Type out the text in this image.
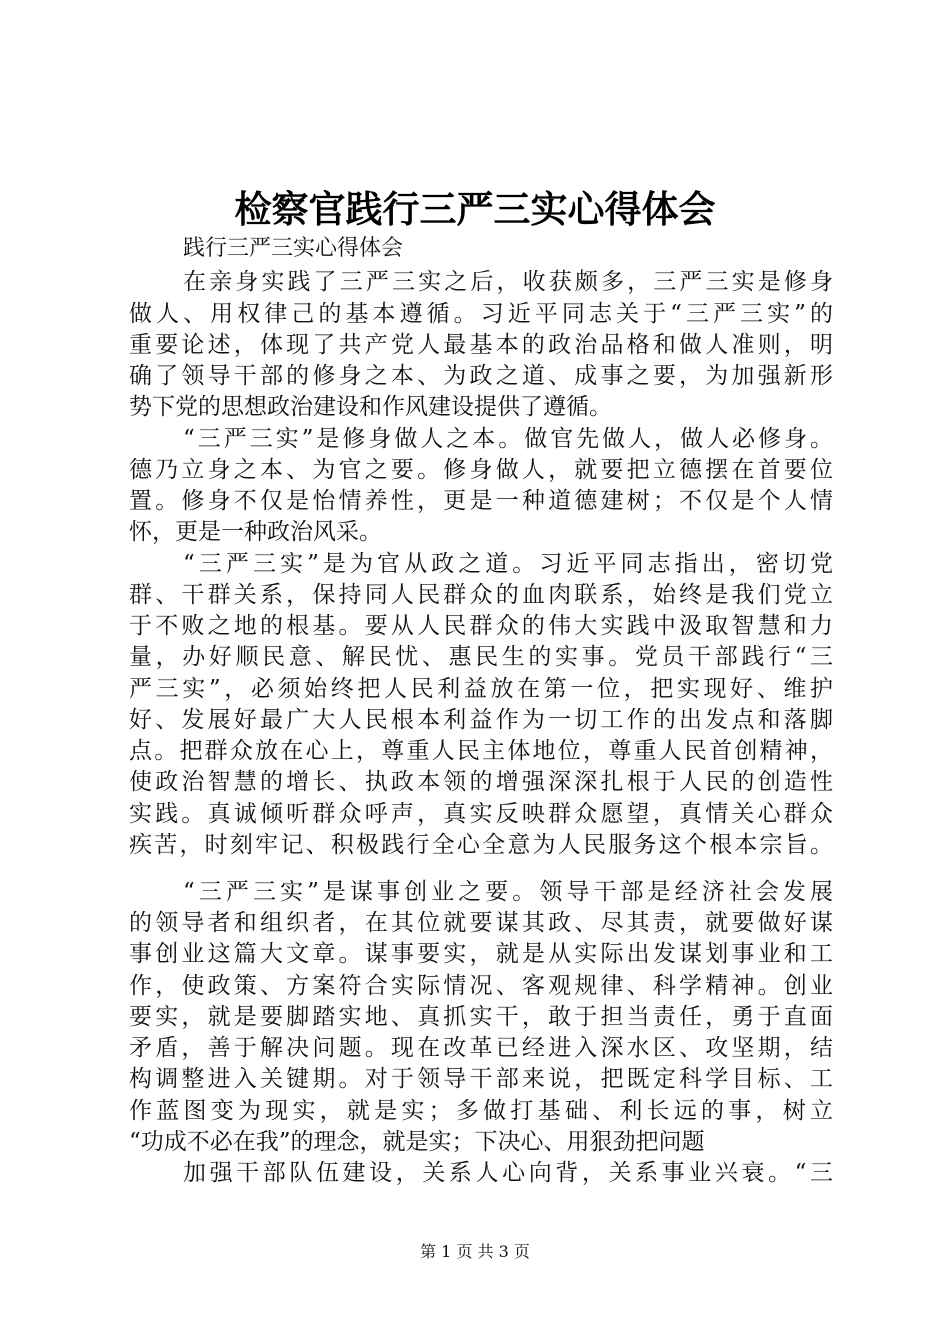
检察官践行三严三实心得体会

践行三严三实心得体会

在亲身实践了三严三实之后，收获颇多，三严三实是修身

做人、用权律己的基本遵循。习近平同志关于“三严三实”的

重要论述，体现了共产党人最基本的政治品格和做人准则，明

确了领导干部的修身之本、为政之道、成事之要，为加强新形

势下党的思想政治建设和作风建设提供了遵循。

“三严三实”是修身做人之本。做官先做人，做人必修身。

德乃立身之本、为官之要。修身做人，就要把立德摆在首要位

置。修身不仅是怡情养性，更是一种道德建树；不仅是个人情

怀，更是一种政治风采。

“三严三实”是为官从政之道。习近平同志指出，密切党

群、干群关系，保持同人民群众的血肉联系，始终是我们党立

于不败之地的根基。要从人民群众的伟大实践中汲取智慧和力

量，办好顺民意、解民忧、惠民生的实事。党员干部践行“三

严三实”，必须始终把人民利益放在第一位，把实现好、维护

好、发展好最广大人民根本利益作为一切工作的出发点和落脚

点。把群众放在心上，尊重人民主体地位，尊重人民首创精神，

使政治智慧的增长、执政本领的增强深深扎根于人民的创造性

实践。真诚倾听群众呼声，真实反映群众愿望，真情关心群众

疾苦，时刻牢记、积极践行全心全意为人民服务这个根本宗旨。

“三严三实”是谋事创业之要。领导干部是经济社会发展

的领导者和组织者，在其位就要谋其政、尽其责，就要做好谋

事创业这篇大文章。谋事要实，就是从实际出发谋划事业和工

作，使政策、方案符合实际情况、客观规律、科学精神。创业

要实，就是要脚踏实地、真抓实干，敢于担当责任，勇于直面

矛盾，善于解决问题。现在改革已经进入深水区、攻坚期，结

构调整进入关键期。对于领导干部来说，把既定科学目标、工

作蓝图变为现实，就是实；多做打基础、利长远的事，树立

“功成不必在我”的理念，就是实；下决心、用狠劲把问题

加强干部队伍建设，关系人心向背，关系事业兴衰。“三

第 1 页 共 3 页
